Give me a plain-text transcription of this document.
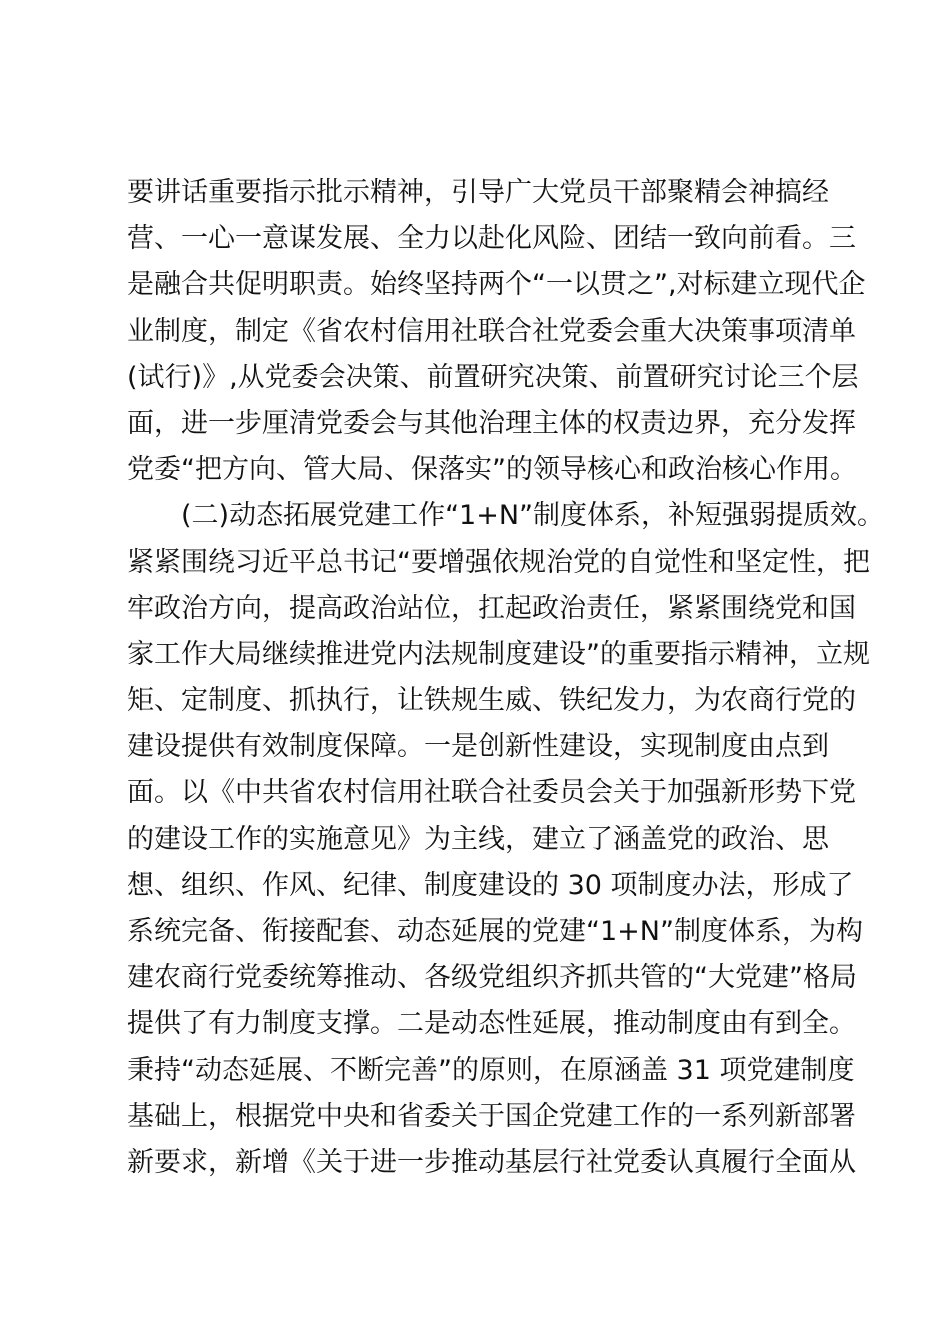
要讲话重要指示批示精神，引导广大党员干部聚精会神搞经
营、一心一意谋发展、全力以赴化风险、团结一致向前看。三
是融合共促明职责。始终坚持两个“一以贯之”,对标建立现代企
业制度，制定《省农村信用社联合社党委会重大决策事项清单
(试行)》,从党委会决策、前置研究决策、前置研究讨论三个层
面，进一步厘清党委会与其他治理主体的权责边界，充分发挥
党委“把方向、管大局、保落实”的领导核心和政治核心作用。
(二)动态拓展党建工作“1+N”制度体系，补短强弱提质效。
紧紧围绕习近平总书记“要增强依规治党的自觉性和坚定性，把
牢政治方向，提高政治站位，扛起政治责任，紧紧围绕党和国
家工作大局继续推进党内法规制度建设”的重要指示精神，立规
矩、定制度、抓执行，让铁规生威、铁纪发力，为农商行党的
建设提供有效制度保障。一是创新性建设，实现制度由点到
面。以《中共省农村信用社联合社委员会关于加强新形势下党
的建设工作的实施意见》为主线，建立了涵盖党的政治、思
想、组织、作风、纪律、制度建设的 30 项制度办法，形成了
系统完备、衔接配套、动态延展的党建“1+N”制度体系，为构
建农商行党委统筹推动、各级党组织齐抓共管的“大党建”格局
提供了有力制度支撑。二是动态性延展，推动制度由有到全。
秉持“动态延展、不断完善”的原则，在原涵盖 31 项党建制度
基础上，根据党中央和省委关于国企党建工作的一系列新部署
新要求，新增《关于进一步推动基层行社党委认真履行全面从
